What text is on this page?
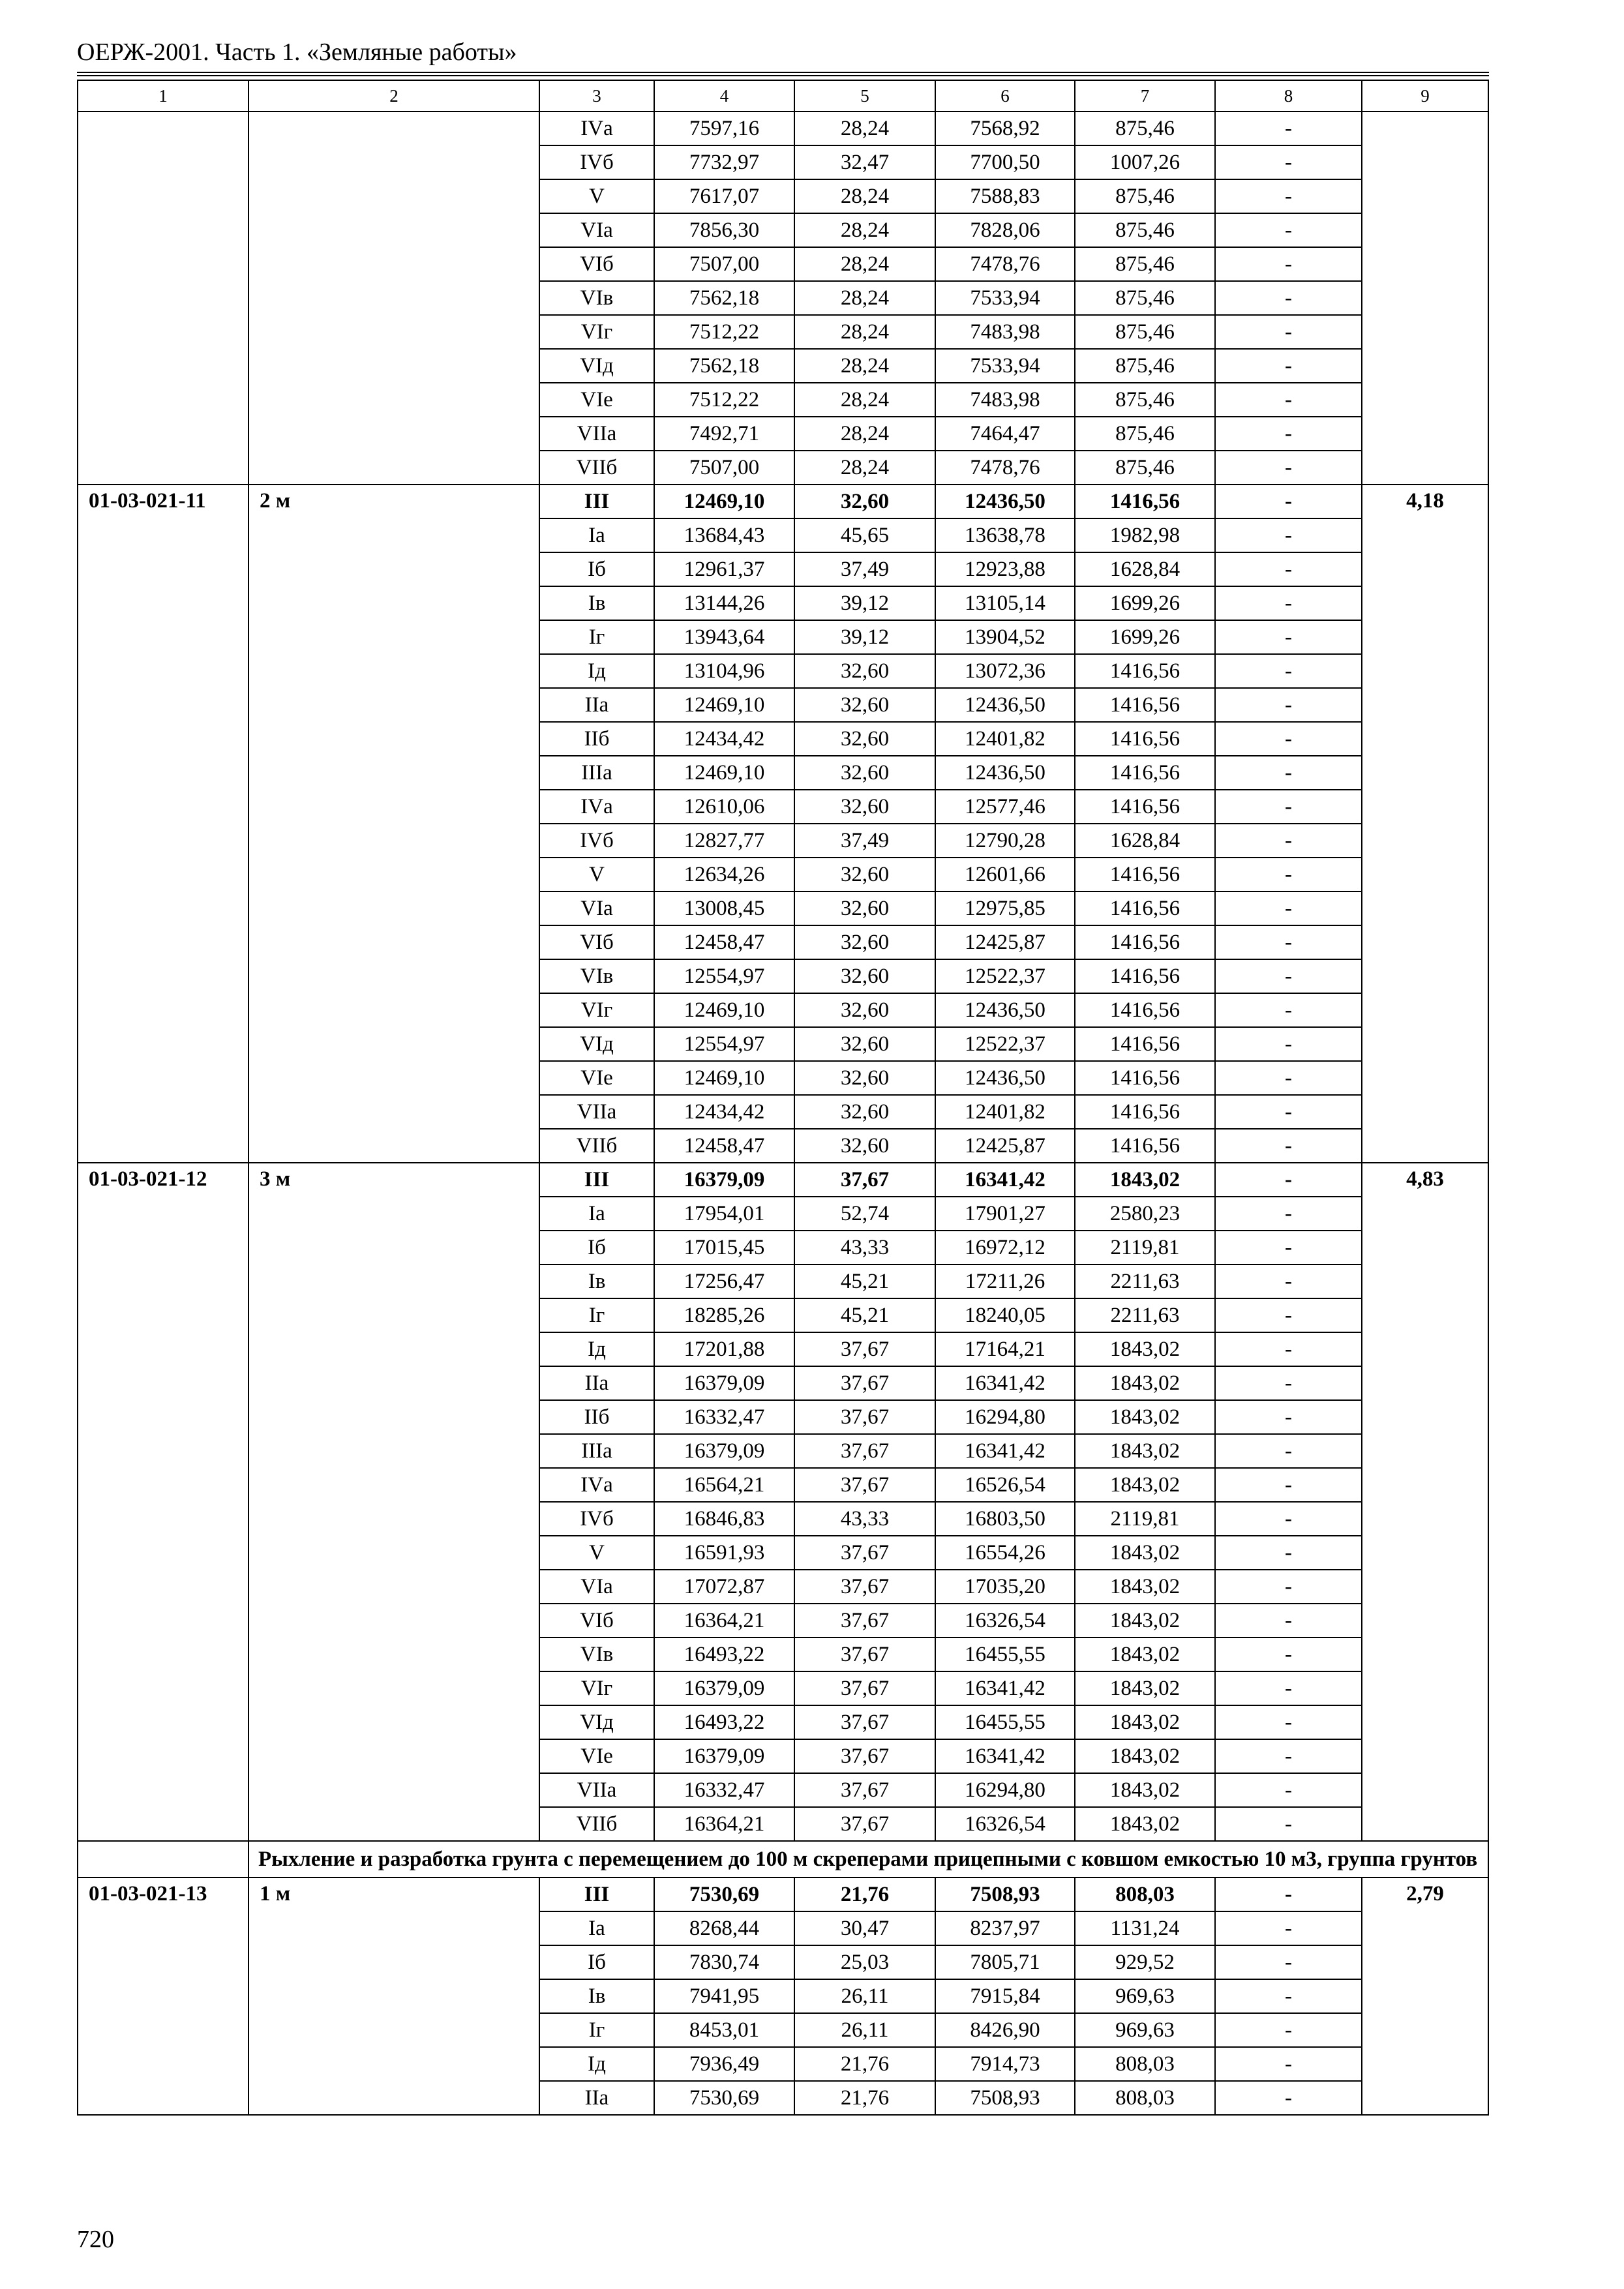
ОЕРЖ-2001. Часть 1. «Земляные работы»
1	2	3	4	5	6	7	8	9
		IVа	7597,16	28,24	7568,92	875,46	-	
		IVб	7732,97	32,47	7700,50	1007,26	-	
		V	7617,07	28,24	7588,83	875,46	-	
		VIа	7856,30	28,24	7828,06	875,46	-	
		VIб	7507,00	28,24	7478,76	875,46	-	
		VIв	7562,18	28,24	7533,94	875,46	-	
		VIг	7512,22	28,24	7483,98	875,46	-	
		VIд	7562,18	28,24	7533,94	875,46	-	
		VIе	7512,22	28,24	7483,98	875,46	-	
		VIIа	7492,71	28,24	7464,47	875,46	-	
		VIIб	7507,00	28,24	7478,76	875,46	-	
01-03-021-11	2 м	III	12469,10	32,60	12436,50	1416,56	-	4,18
		Iа	13684,43	45,65	13638,78	1982,98	-	
		Iб	12961,37	37,49	12923,88	1628,84	-	
		Iв	13144,26	39,12	13105,14	1699,26	-	
		Iг	13943,64	39,12	13904,52	1699,26	-	
		Iд	13104,96	32,60	13072,36	1416,56	-	
		IIа	12469,10	32,60	12436,50	1416,56	-	
		IIб	12434,42	32,60	12401,82	1416,56	-	
		IIIа	12469,10	32,60	12436,50	1416,56	-	
		IVа	12610,06	32,60	12577,46	1416,56	-	
		IVб	12827,77	37,49	12790,28	1628,84	-	
		V	12634,26	32,60	12601,66	1416,56	-	
		VIа	13008,45	32,60	12975,85	1416,56	-	
		VIб	12458,47	32,60	12425,87	1416,56	-	
		VIв	12554,97	32,60	12522,37	1416,56	-	
		VIг	12469,10	32,60	12436,50	1416,56	-	
		VIд	12554,97	32,60	12522,37	1416,56	-	
		VIе	12469,10	32,60	12436,50	1416,56	-	
		VIIа	12434,42	32,60	12401,82	1416,56	-	
		VIIб	12458,47	32,60	12425,87	1416,56	-	
01-03-021-12	3 м	III	16379,09	37,67	16341,42	1843,02	-	4,83
		Iа	17954,01	52,74	17901,27	2580,23	-	
		Iб	17015,45	43,33	16972,12	2119,81	-	
		Iв	17256,47	45,21	17211,26	2211,63	-	
		Iг	18285,26	45,21	18240,05	2211,63	-	
		Iд	17201,88	37,67	17164,21	1843,02	-	
		IIа	16379,09	37,67	16341,42	1843,02	-	
		IIб	16332,47	37,67	16294,80	1843,02	-	
		IIIа	16379,09	37,67	16341,42	1843,02	-	
		IVа	16564,21	37,67	16526,54	1843,02	-	
		IVб	16846,83	43,33	16803,50	2119,81	-	
		V	16591,93	37,67	16554,26	1843,02	-	
		VIа	17072,87	37,67	17035,20	1843,02	-	
		VIб	16364,21	37,67	16326,54	1843,02	-	
		VIв	16493,22	37,67	16455,55	1843,02	-	
		VIг	16379,09	37,67	16341,42	1843,02	-	
		VIд	16493,22	37,67	16455,55	1843,02	-	
		VIе	16379,09	37,67	16341,42	1843,02	-	
		VIIа	16332,47	37,67	16294,80	1843,02	-	
		VIIб	16364,21	37,67	16326,54	1843,02	-	
	Рыхление и разработка грунта с перемещением до 100 м скреперами прицепными с ковшом емкостью 10 м3, группа грунтов							
01-03-021-13	1 м	III	7530,69	21,76	7508,93	808,03	-	2,79
		Iа	8268,44	30,47	8237,97	1131,24	-	
		Iб	7830,74	25,03	7805,71	929,52	-	
		Iв	7941,95	26,11	7915,84	969,63	-	
		Iг	8453,01	26,11	8426,90	969,63	-	
		Iд	7936,49	21,76	7914,73	808,03	-	
		IIа	7530,69	21,76	7508,93	808,03	-	
720
